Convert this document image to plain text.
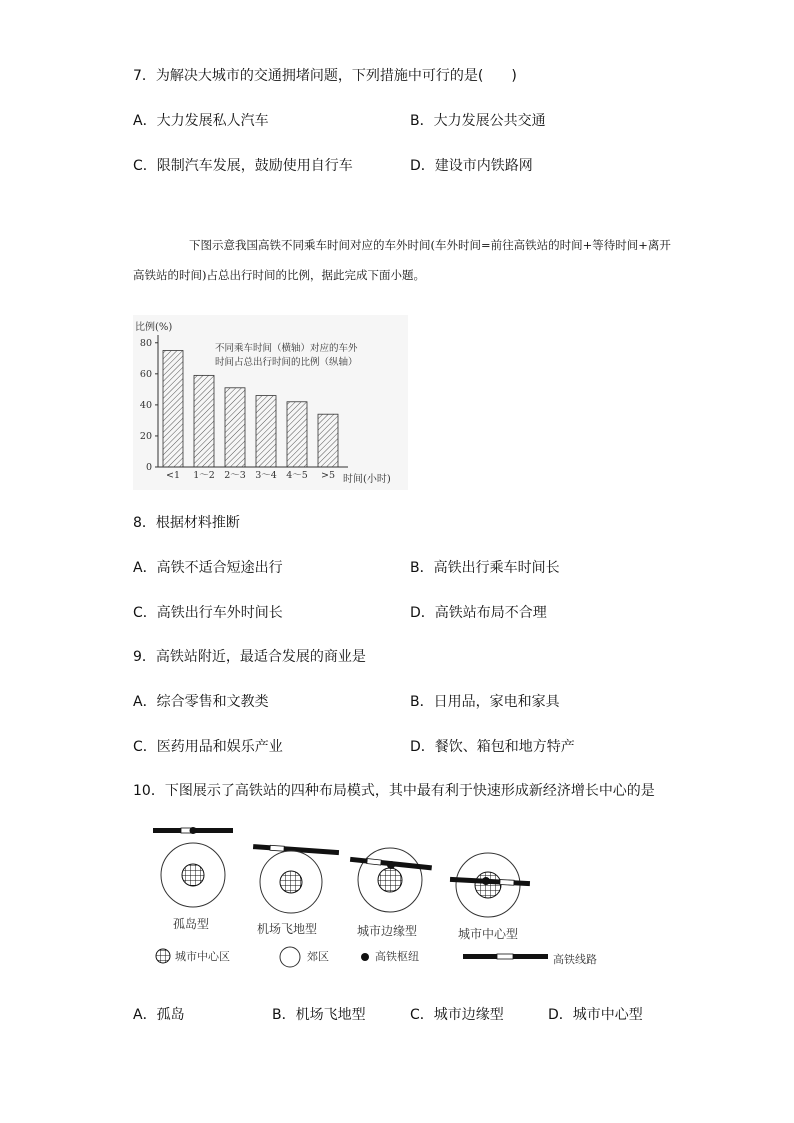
7．为解决大城市的交通拥堵问题，下列措施中可行的是(　　)
A．大力发展私人汽车	B．大力发展公共交通
C．限制汽车发展，鼓励使用自行车	D．建设市内铁路网
下图示意我国高铁不同乘车时间对应的车外时间(车外时间=前往高铁站的时间+等待时间+离开高铁站的时间)占总出行时间的比例，据此完成下面小题。
比例(%)
时间(小时)
不同乘车时间（横轴）对应的车外
时间占总出行时间的比例（纵轴）
0
20
40
60
80
<1 1～2 2～3 3～4 4～5 >5
8．根据材料推断
A．高铁不适合短途出行	B．高铁出行乘车时间长
C．高铁出行车外时间长	D．高铁站布局不合理
9．高铁站附近，最适合发展的商业是
A．综合零售和文教类	B．日用品，家电和家具
C．医药用品和娱乐产业	D．餐饮、箱包和地方特产
10．下图展示了高铁站的四种布局模式，其中最有利于快速形成新经济增长中心的是
孤岛型	机场飞地型	城市边缘型	城市中心型
城市中心区	郊区	高铁枢纽	高铁线路
A．孤岛	B．机场飞地型	C．城市边缘型	D．城市中心型
